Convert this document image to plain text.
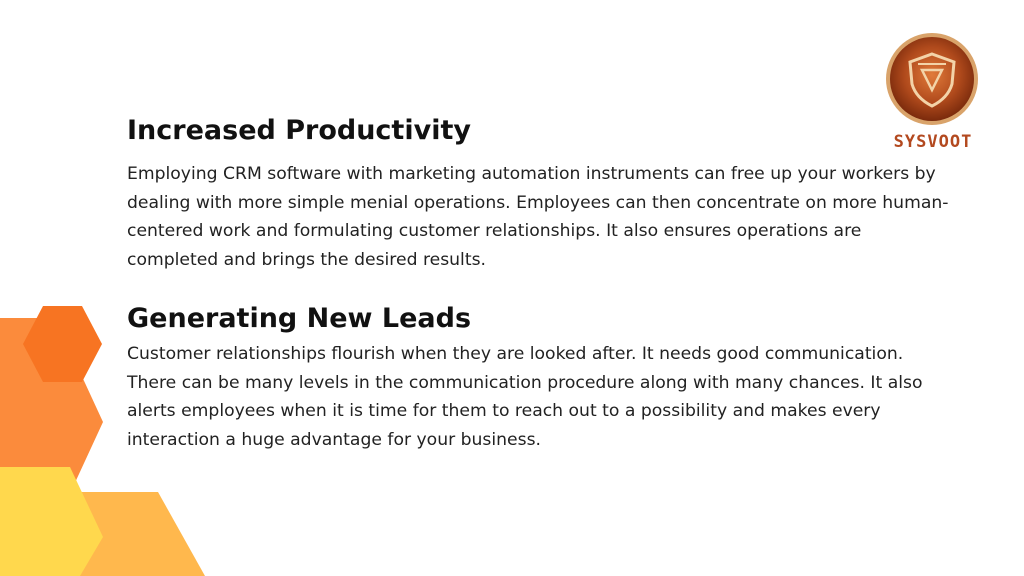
Increased Productivity

Employing CRM software with marketing automation instruments can free up your workers by dealing with more simple menial operations. Employees can then concentrate on more human-centered work and formulating customer relationships. It also ensures operations are completed and brings the desired results.

Generating New Leads

Customer relationships flourish when they are looked after. It needs good communication. There can be many levels in the communication procedure along with many chances. It also alerts employees when it is time for them to reach out to a possibility and makes every interaction a huge advantage for your business.

SYSVOOT
